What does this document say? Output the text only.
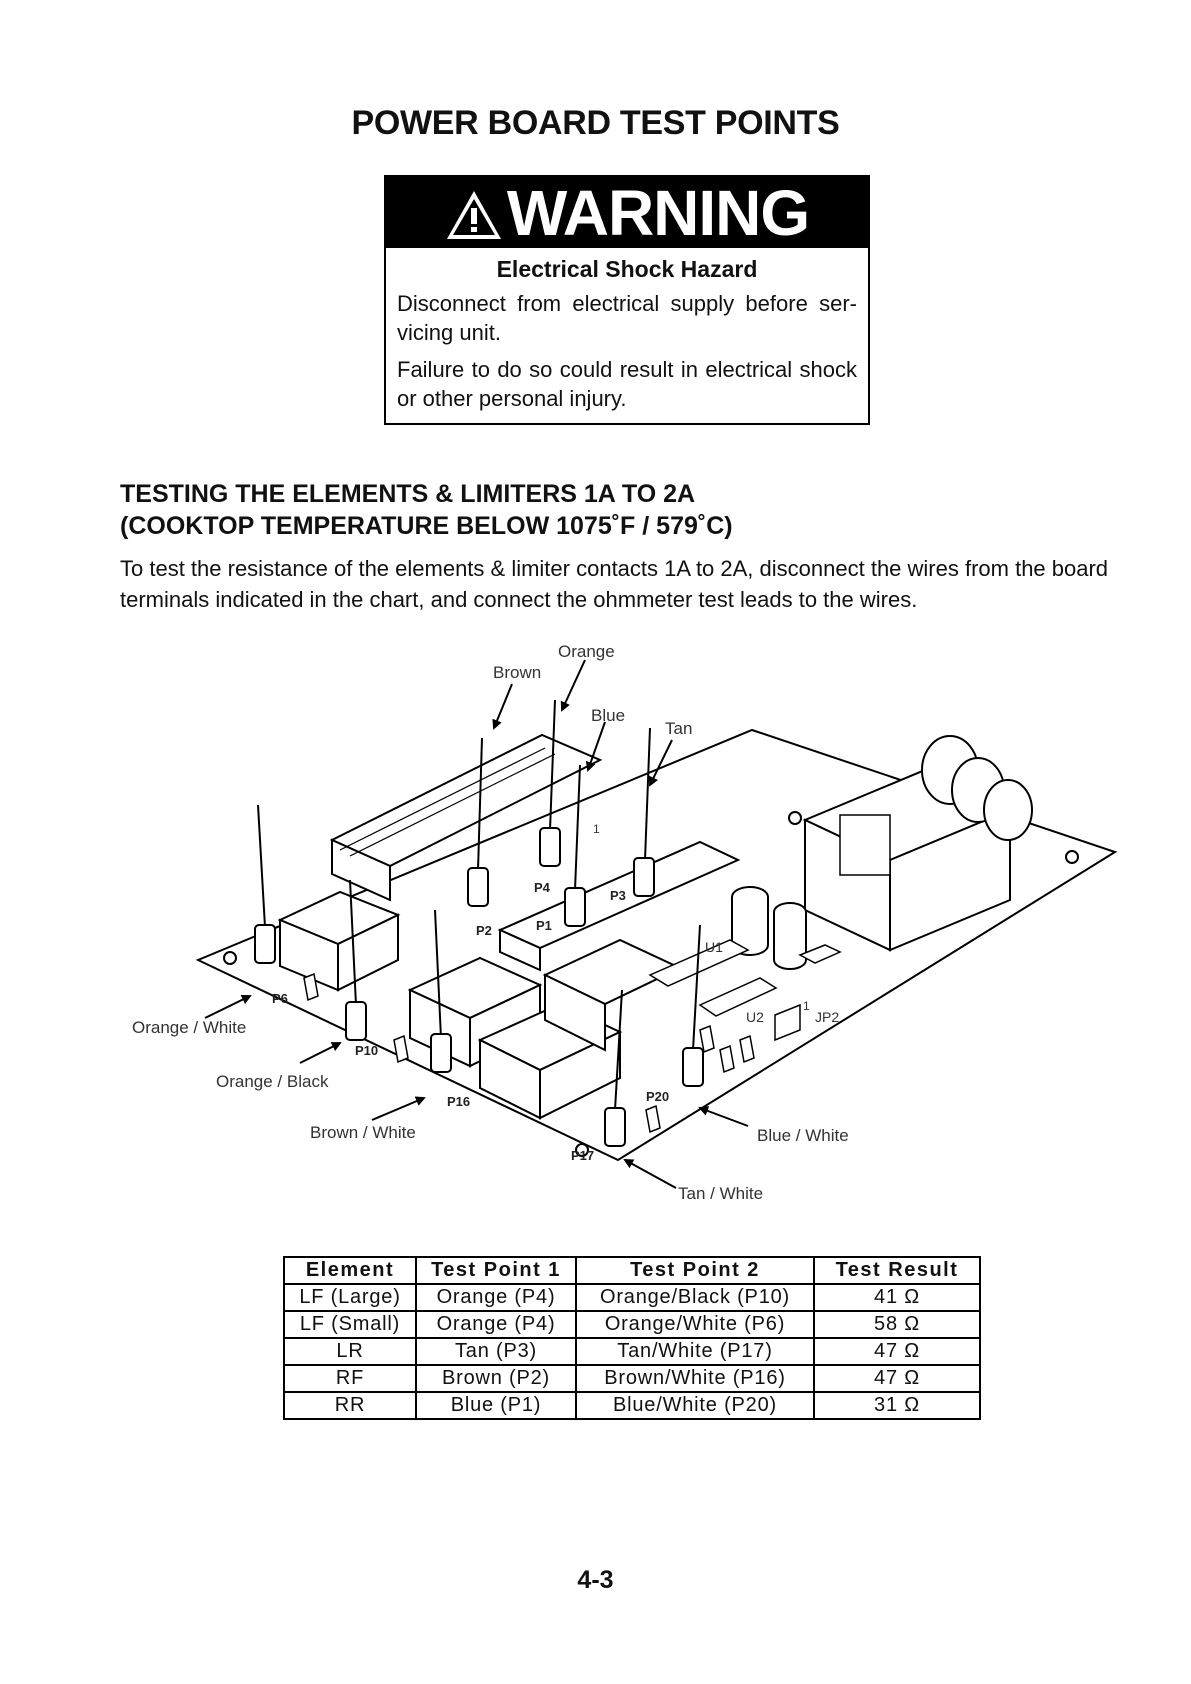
POWER BOARD TEST POINTS
WARNING
Electrical Shock Hazard
Disconnect from electrical supply before ser-vicing unit.
Failure to do so could result in electrical shock or other personal injury.
TESTING THE ELEMENTS & LIMITERS 1A TO 2A
(COOKTOP TEMPERATURE BELOW 1075˚F / 579˚C)
To test the resistance of the elements & limiter contacts 1A to 2A, disconnect the wires from the board terminals indicated in the chart, and connect the ohmmeter test leads to the wires.
P6
P10
P16
P2
P4
P1
P3
P17
P20
U1
U2	JP2
1
1
Orange
Brown
Blue
Tan
Orange / White
Orange / Black
Brown / White	Blue / White
Tan / White
Element	Test Point 1	Test Point 2	Test Result
LF (Large)	Orange (P4)	Orange/Black (P10)	41 Ω
LF (Small)	Orange (P4)	Orange/White (P6)	58 Ω
LR	Tan (P3)	Tan/White (P17)	47 Ω
RF	Brown (P2)	Brown/White (P16)	47 Ω
RR	Blue (P1)	Blue/White (P20)	31 Ω
4-3
